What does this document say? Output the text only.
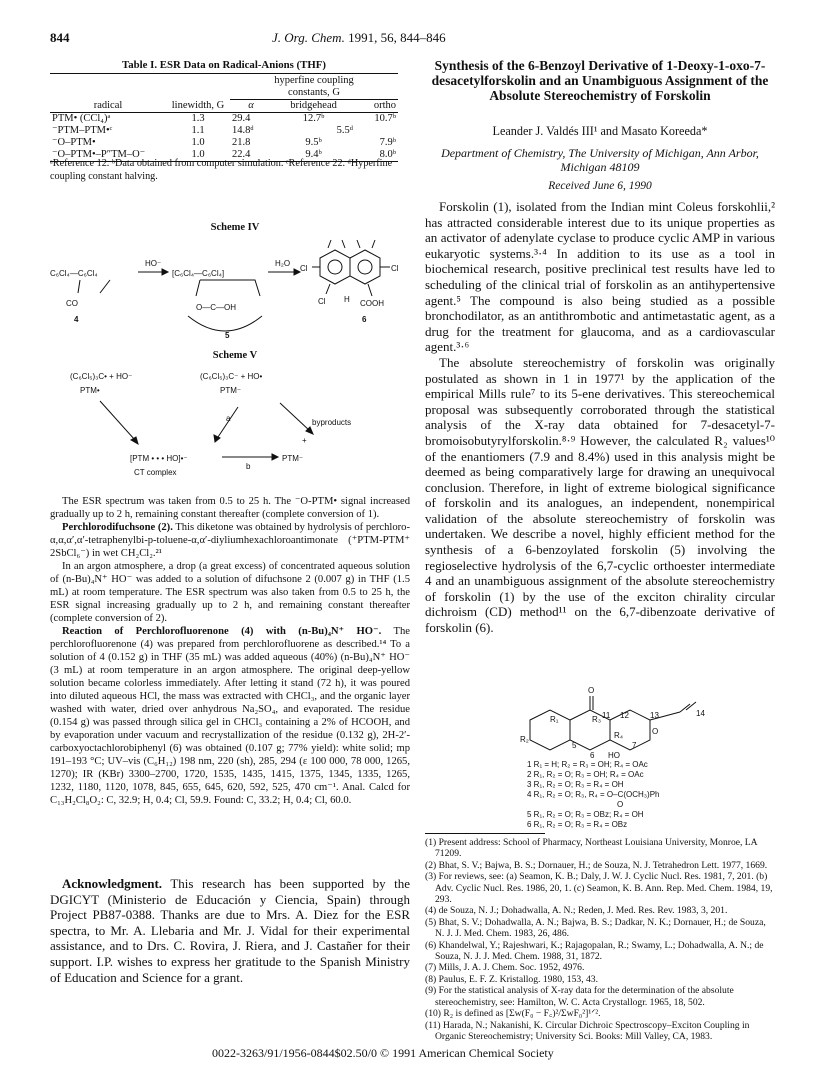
844	J. Org. Chem. 1991, 56, 844–846
Table I. ESR Data on Radical-Anions (THF)
		hyperfine coupling		
		constants, G		
radical	linewidth, G	α	bridgehead	ortho
PTM• (CCl₄)ᵃ	1.3	29.4	12.7ᵇ	10.7ᵇ
⁻PTM–PTM•ᶜ	1.1	14.8ᵈ	5.5ᵈ	
⁻O–PTM•	1.0	21.8	9.5ᵇ	7.9ᵇ
⁻O–PTM•–P″TM–O⁻	1.0	22.4	9.4ᵇ	8.0ᵇ
ᵃReference 12. ᵇData obtained from computer simulation. ᶜReference 22. ᵈHyperfine coupling constant halving.
Scheme IV
C₆Cl₄—C₆Cl₄
HO⁻
[C₆Cl₄—C₆Cl₄]
H₂O
CO
4
O—C—OH
5
Cl	Cl
Cl H COOH
6
Scheme V
(C₆Cl₅)₃C• + HO⁻	(C₆Cl₅)₃C⁻ + HO•
PTM•	PTM⁻
a	byproducts
+
[PTM • • • HO]•⁻
b
PTM⁻
CT complex

The ESR spectrum was taken from 0.5 to 25 h. The ⁻O-PTM• signal increased gradually up to 2 h, remaining constant thereafter (complete conversion of 1).

Perchlorodifuchsone (2). This diketone was obtained by hydrolysis of perchloro-α,α,α′,α′-tetraphenylbi-p-toluene-α,α′-diyliumhexachloroantimonate (⁺PTM-PTM⁺ 2SbCl₆⁻) in wet CH₂Cl₂.²¹

In an argon atmosphere, a drop (a great excess) of concentrated aqueous solution of (n-Bu)₄N⁺ HO⁻ was added to a solution of difuchsone 2 (0.007 g) in THF (1.5 mL) at room temperature. The ESR spectrum was also taken from 0.5 to 25 h, the ESR signal increasing gradually up to 2 h, and remaining constant thereafter (complete conversion of 2).

Reaction of Perchlorofluorenone (4) with (n-Bu)₄N⁺ HO⁻. The perchlorofluorenone (4) was prepared from perchlorofluorene as described.¹⁴ To a solution of 4 (0.152 g) in THF (35 mL) was added aqueous (40%) (n-Bu)₄N⁺ HO⁻ (3 mL) at room temperature in an argon atmosphere. The original deep-yellow solution became colorless immediately. After letting it stand (72 h), it was poured into diluted aqueous HCl, the mass was extracted with CHCl₃, and the organic layer washed with water, dried over anhydrous Na₂SO₄, and evaporated. The residue (0.154 g) was passed through silica gel in CHCl₃ containing a 2% of HCOOH, and by evaporation under vacuum and recrystallization of the residue (0.132 g), 2H-2′-carboxyoctachlorobiphenyl (6) was obtained (0.107 g; 77% yield): white solid; mp 191–193 °C; UV–vis (C₆H₁₂) 198 nm, 220 (sh), 285, 294 (ε 100 000, 78 000, 1265, 1270); IR (KBr) 3300–2700, 1720, 1535, 1435, 1415, 1375, 1345, 1335, 1265, 1232, 1180, 1120, 1078, 845, 655, 645, 620, 592, 525, 470 cm⁻¹. Anal. Calcd for C₁₃H₂Cl₈O₂: C, 32.9; H, 0.4; Cl, 59.9. Found: C, 33.2; H, 0.4; Cl, 60.0.

Acknowledgment. This research has been supported by the DGICYT (Ministerio de Educación y Ciencia, Spain) through Project PB87-0388. Thanks are due to Mrs. A. Diez for the ESR spectra, to Mr. A. Llebaria and Mr. J. Vidal for their experimental assistance, and to Drs. C. Rovira, J. Riera, and J. Castañer for their support. I.P. wishes to express her gratitude to the Spanish Ministry of Education and Science for a grant.

Synthesis of the 6-Benzoyl Derivative of 1-Deoxy-1-oxo-7-desacetylforskolin and an Unambiguous Assignment of the Absolute Stereochemistry of Forskolin
Leander J. Valdés III¹ and Masato Koreeda*
Department of Chemistry, The University of Michigan, Ann Arbor, Michigan 48109
Received June 6, 1990

Forskolin (1), isolated from the Indian mint Coleus forskohlii,² has attracted considerable interest due to its unique properties as an activator of adenylate cyclase to produce cyclic AMP in various eukaryotic systems.³·⁴ In addition to its use as a tool in biochemical research, positive preclinical test results have led to scheduling of the clinical trial of forskolin as an antihypertensive agent.⁵ The compound is also being studied as a possible bronchodilator, as an antithrombotic and antimetastatic agent, as a drug for the treatment for glaucoma, and as a cardiovascular agent.³·⁶

The absolute stereochemistry of forskolin was originally postulated as shown in 1 in 1977¹ by the application of the empirical Mills rule⁷ to its 5-ene derivatives. This stereochemical proposal was subsequently corroborated through the statistical analysis of the X-ray data obtained for 7-desacetyl-7-bromoisobutyrylforskolin.⁸·⁹ However, the calculated R₂ values¹⁰ of the enantiomers (7.9 and 8.4%) used in this analysis might be deemed as being comparatively large for drawing an unequivocal conclusion. Therefore, in light of extreme biological significance of forskolin and its analogues, an independent, nonempirical validation of the absolute stereochemistry of forskolin was undertaken. We describe a novel, highly efficient method for the synthesis of a 6-benzoylated forskolin (5) involving the regioselective hydrolysis of the 6,7-cyclic orthoester intermediate 4 and an unambiguous assignment of the absolute stereochemistry of forskolin (1) by the use of the exciton chirality circular dichroism (CD) method¹¹ on the 6,7-dibenzoate derivative of forskolin (6).

O
R₁	R₃ 11 12	13
O
14
R₂
5
6 HO
7
R₄
1 R₁ = H; R₂ = R₃ = OH; R₄ = OAc
2 R₁, R₂ = O; R₃ = OH; R₄ = OAc
3 R₁, R₂ = O; R₃ = R₄ = OH
4 R₁, R₂ = O; R₃, R₄ = O–C(OCH₃)Ph
O
5 R₁, R₂ = O; R₃ = OBz; R₄ = OH
6 R₁, R₂ = O; R₃ = R₄ = OBz
(1) Present address: School of Pharmacy, Northeast Louisiana University, Monroe, LA 71209.
(2) Bhat, S. V.; Bajwa, B. S.; Dornauer, H.; de Souza, N. J. Tetrahedron Lett. 1977, 1669.
(3) For reviews, see: (a) Seamon, K. B.; Daly, J. W. J. Cyclic Nucl. Res. 1981, 7, 201. (b) Adv. Cyclic Nucl. Res. 1986, 20, 1. (c) Seamon, K. B. Ann. Rep. Med. Chem. 1984, 19, 293.
(4) de Souza, N. J.; Dohadwalla, A. N.; Reden, J. Med. Res. Rev. 1983, 3, 201.
(5) Bhat, S. V.; Dohadwalla, A. N.; Bajwa, B. S.; Dadkar, N. K.; Dornauer, H.; de Souza, N. J. J. Med. Chem. 1983, 26, 486.
(6) Khandelwal, Y.; Rajeshwari, K.; Rajagopalan, R.; Swamy, L.; Dohadwalla, A. N.; de Souza, N. J. J. Med. Chem. 1988, 31, 1872.
(7) Mills, J. A. J. Chem. Soc. 1952, 4976.
(8) Paulus, E. F. Z. Kristallog. 1980, 153, 43.
(9) For the statistical analysis of X-ray data for the determination of the absolute stereochemistry, see: Hamilton, W. C. Acta Crystallogr. 1965, 18, 502.
(10) R₂ is defined as [Σw(F₀ − F꜀)²/ΣwF₀²]¹ᐟ².
(11) Harada, N.; Nakanishi, K. Circular Dichroic Spectroscopy–Exciton Coupling in Organic Stereochemistry; University Sci. Books: Mill Valley, CA, 1983.
0022-3263/91/1956-0844$02.50/0 © 1991 American Chemical Society
